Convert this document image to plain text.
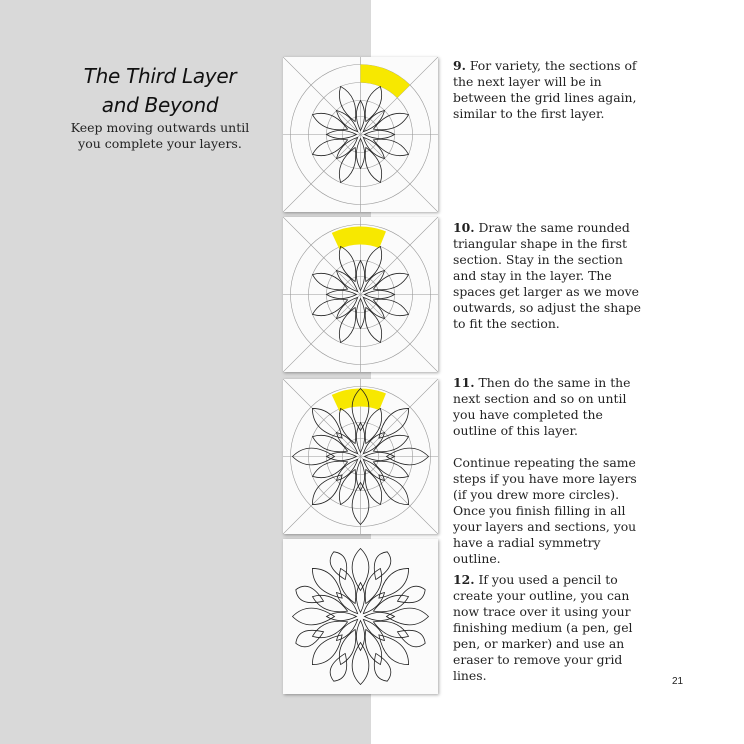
The Third Layer
and Beyond

Keep moving outwards until you complete your layers.

9. For variety, the sections of the next layer will be in between the grid lines again, similar to the first layer.

10. Draw the same rounded triangular shape in the first section. Stay in the section and stay in the layer. The spaces get larger as we move outwards, so adjust the shape to fit the section.

11. Then do the same in the next section and so on until you have completed the outline of this layer.

Continue repeating the same steps if you have more layers (if you drew more circles). Once you finish filling in all your layers and sections, you have a radial symmetry outline.

12. If you used a pencil to create your outline, you can now trace over it using your finishing medium (a pen, gel pen, or marker) and use an eraser to remove your grid lines.	21
